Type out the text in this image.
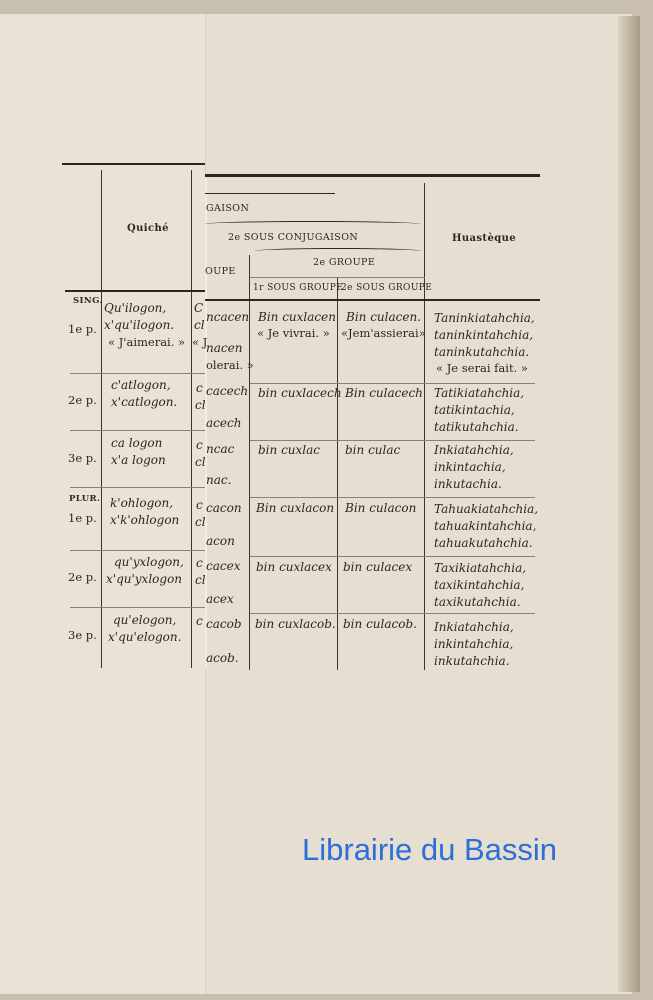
Quiché
GAISON
2e SOUS CONJUGAISON
OUPE
2e GROUPE
1r SOUS GROUPE
2e SOUS GROUPE
Huastèque
SING.
1e p.
Qu'ilogon,
x'qu'ilogon.
« J'aimerai. »
C
cl
« J
ncacen
nacen
olerai. »
Bin cuxlacen
« Je vivrai. »
Bin culacen.
«Jem'assierai»
Taninkiatahchia,
taninkintahchia,
taninkutahchia.
« Je serai fait. »
2e p.
c'atlogon,
x'catlogon.
c
cl
cacech
acech
bin cuxlacech Bin culacech Tatikiatahchia,
tatikintachia,
tatikutahchia.
3e p.
ca logon
x'a logon
c
cl
ncac
nac.
bin cuxlac bin culac	Inkiatahchia,
inkintachia,
inkutachia.
PLUR.
1e p.
k'ohlogon,
x'k'ohlogon
c
cl
cacon
acon
Bin cuxlacon Bin culacon Tahuakiatahchia,
tahuakintahchia,
tahuakutahchia.
2e p.
qu'yxlogon,
x'qu'yxlogon
c
cl
cacex
acex
bin cuxlacex bin culacex Taxikiatahchia,
taxikintahchia,
taxikutahchia.
3e p.
qu'elogon,
x'qu'elogon.
c cacob
acob.
bin cuxlacob. bin culacob. Inkiatahchia,
inkintahchia,
inkutahchia.
Librairie du Bassin
